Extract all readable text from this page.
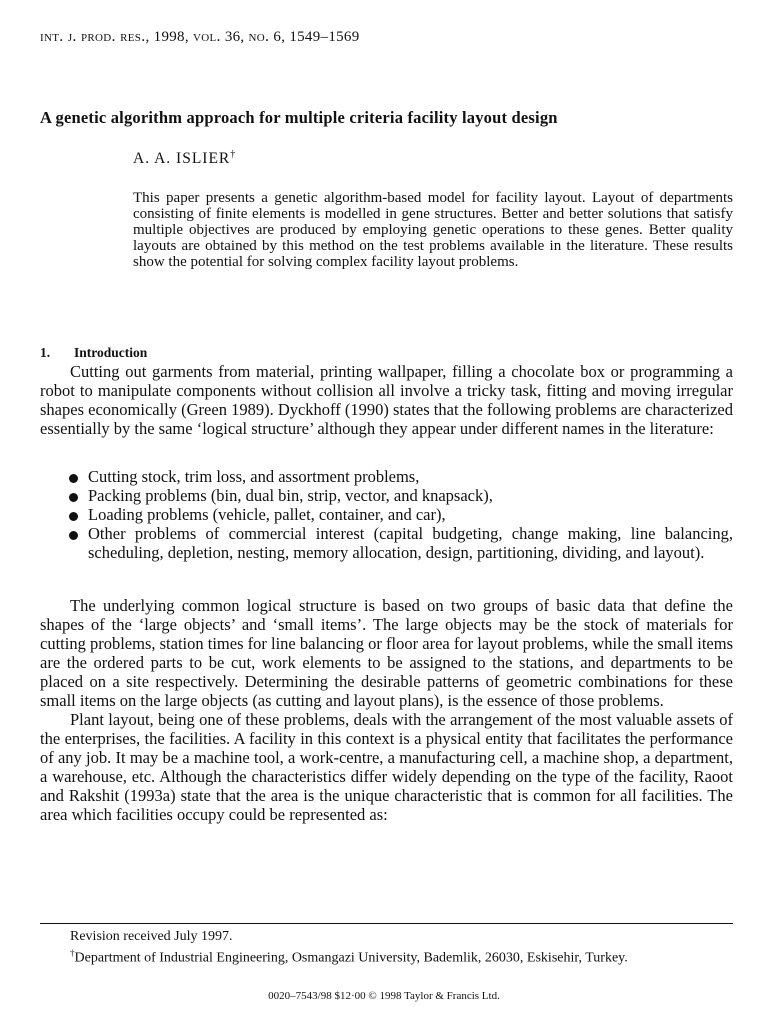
int. j. prod. res., 1998, vol. 36, no. 6, 1549–1569
A genetic algorithm approach for multiple criteria facility layout design
A. A. ISLIER†
This paper presents a genetic algorithm-based model for facility layout. Layout of departments consisting of finite elements is modelled in gene structures. Better and better solutions that satisfy multiple objectives are produced by employing genetic operations to these genes. Better quality layouts are obtained by this method on the test problems available in the literature. These results show the potential for solving complex facility layout problems.
1. Introduction

Cutting out garments from material, printing wallpaper, filling a chocolate box or programming a robot to manipulate components without collision all involve a tricky task, fitting and moving irregular shapes economically (Green 1989). Dyckhoff (1990) states that the following problems are characterized essentially by the same ‘logical structure’ although they appear under different names in the literature:

Cutting stock, trim loss, and assortment problems,
Packing problems (bin, dual bin, strip, vector, and knapsack),
Loading problems (vehicle, pallet, container, and car),
Other problems of commercial interest (capital budgeting, change making, line balancing, scheduling, depletion, nesting, memory allocation, design, partitioning, dividing, and layout).

The underlying common logical structure is based on two groups of basic data that define the shapes of the ‘large objects’ and ‘small items’. The large objects may be the stock of materials for cutting problems, station times for line balancing or floor area for layout problems, while the small items are the ordered parts to be cut, work elements to be assigned to the stations, and departments to be placed on a site respectively. Determining the desirable patterns of geometric combinations for these small items on the large objects (as cutting and layout plans), is the essence of those problems.

Plant layout, being one of these problems, deals with the arrangement of the most valuable assets of the enterprises, the facilities. A facility in this context is a physical entity that facilitates the performance of any job. It may be a machine tool, a work-centre, a manufacturing cell, a machine shop, a department, a warehouse, etc. Although the characteristics differ widely depending on the type of the facility, Raoot and Rakshit (1993a) state that the area is the unique characteristic that is common for all facilities. The area which facilities occupy could be represented as:

Revision received July 1997.

†Department of Industrial Engineering, Osmangazi University, Bademlik, 26030, Eskisehir, Turkey.

0020–7543/98 $12·00 © 1998 Taylor & Francis Ltd.
